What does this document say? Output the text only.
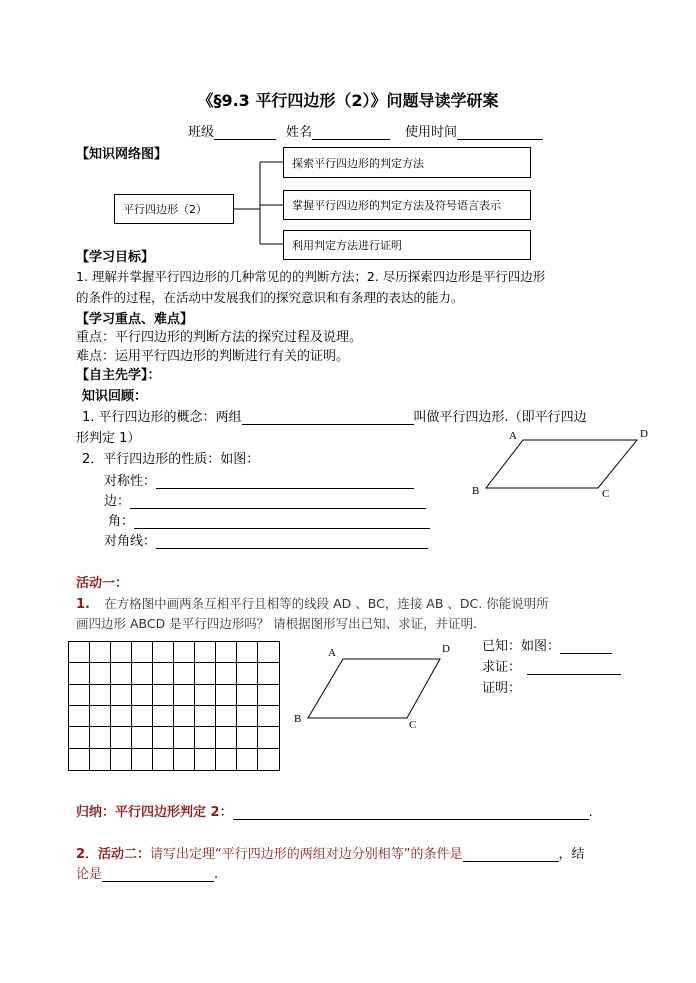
《§9.3 平行四边形（2）》问题导读学研案
班级	姓名	使用时间
【知识网络图】
平行四边形（2）
探索平行四边形的判定方法
掌握平行四边形的判定方法及符号语言表示
利用判定方法进行证明
【学习目标】
1. 理解并掌握平行四边形的几种常见的的判断方法；2. 尽历探索四边形是平行四边形
的条件的过程，在活动中发展我们的探究意识和有条理的表达的能力。
【学习重点、难点】
重点：平行四边形的判断方法的探究过程及说理。
难点：运用平行四边形的判断进行有关的证明。
【自主先学】：
知识回顾：
1. 平行四边形的概念：两组	叫做平行四边形.（即平行四边
形判定 1）
2．平行四边形的性质：如图：
对称性：
边：
角：
对角线：
A	D
B	C
活动一：
1. 在方格图中画两条互相平行且相等的线段 AD 、BC，连接 AB 、DC. 你能说明所
画四边形 ABCD 是平行四边形吗？ 请根据图形写出已知、求证，并证明.
A	D
B	C
已知：如图：
求证：
证明：
归纳：平行四边形判定 2：	.
2．活动二：请写出定理“平行四边形的两组对边分别相等”的条件是	，结
论是	.
